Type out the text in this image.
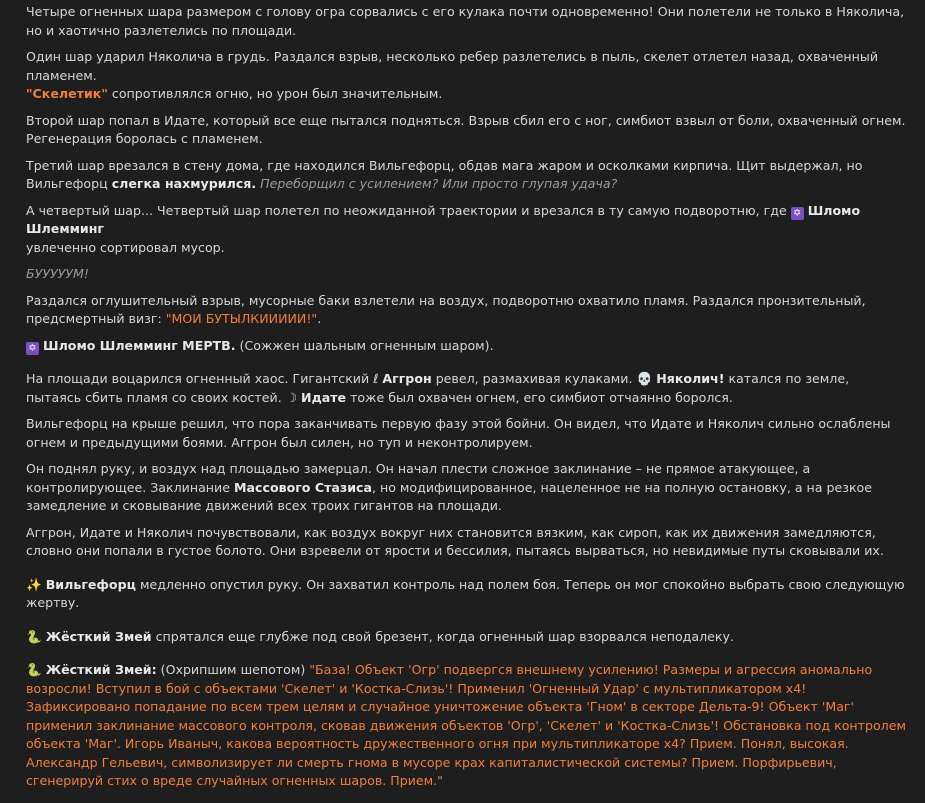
Четыре огненных шара размером с голову огра сорвались с его кулака почти одновременно! Они полетели не только в Няколича, но и хаотично разлетелись по площади.

Один шар ударил Няколича в грудь. Раздался взрыв, несколько ребер разлетелись в пыль, скелет отлетел назад, охваченный пламенем.
"Скелетик" сопротивлялся огню, но урон был значительным.

Второй шар попал в Идате, который все еще пытался подняться. Взрыв сбил его с ног, симбиот взвыл от боли, охваченный огнем. Регенерация боролась с пламенем.

Третий шар врезался в стену дома, где находился Вильгефорц, обдав мага жаром и осколками кирпича. Щит выдержал, но Вильгефорц слегка нахмурился. Переборщил с усилением? Или просто глупая удача?

А четвертый шар... Четвертый шар полетел по неожиданной траектории и врезался в ту самую подворотню, где ✡ Шломо Шлемминг
увлеченно сортировал мусор.

БУУУУУМ!

Раздался оглушительный взрыв, мусорные баки взлетели на воздух, подворотню охватило пламя. Раздался пронзительный, предсмертный визг: "МОИ БУТЫЛКИИИИИ!".

✡ Шломо Шлемминг МЕРТВ. (Сожжен шальным огненным шаром).

На площади воцарился огненный хаос. Гигантский ℓ Аггрон ревел, размахивая кулаками. 💀 Няколич! катался по земле, пытаясь сбить пламя со своих костей. ☽ Идате тоже был охвачен огнем, его симбиот отчаянно боролся.

Вильгефорц на крыше решил, что пора заканчивать первую фазу этой бойни. Он видел, что Идате и Няколич сильно ослаблены огнем и предыдущими боями. Аггрон был силен, но туп и неконтролируем.

Он поднял руку, и воздух над площадью замерцал. Он начал плести сложное заклинание – не прямое атакующее, а контролирующее. Заклинание Массового Стазиса, но модифицированное, нацеленное не на полную остановку, а на резкое замедление и сковывание движений всех троих гигантов на площади.

Аггрон, Идате и Няколич почувствовали, как воздух вокруг них становится вязким, как сироп, как их движения замедляются, словно они попали в густое болото. Они взревели от ярости и бессилия, пытаясь вырваться, но невидимые путы сковывали их.

✨ Вильгефорц медленно опустил руку. Он захватил контроль над полем боя. Теперь он мог спокойно выбрать свою следующую жертву.

🐍 Жёсткий Змей спрятался еще глубже под свой брезент, когда огненный шар взорвался неподалеку.

🐍 Жёсткий Змей: (Охрипшим шепотом) "База! Объект 'Огр' подвергся внешнему усилению! Размеры и агрессия аномально возросли! Вступил в бой с объектами 'Скелет' и 'Костка-Слизь'! Применил 'Огненный Удар' с мультипликатором х4! Зафиксировано попадание по всем трем целям и случайное уничтожение объекта 'Гном' в секторе Дельта-9! Объект 'Маг' применил заклинание массового контроля, сковав движения объектов 'Огр', 'Скелет' и 'Костка-Слизь'! Обстановка под контролем объекта 'Маг'. Игорь Иваныч, какова вероятность дружественного огня при мультипликаторе х4? Прием. Понял, высокая. Александр Гельевич, символизирует ли смерть гнома в мусоре крах капиталистической системы? Прием. Порфирьевич, сгенерируй стих о вреде случайных огненных шаров. Прием."
